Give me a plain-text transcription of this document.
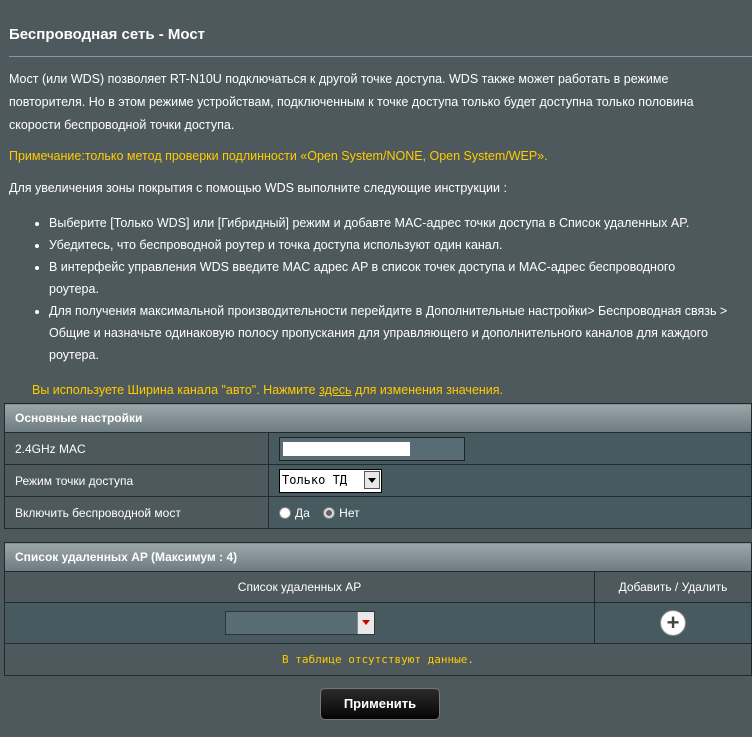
Беспроводная сеть - Мост
Мост (или WDS) позволяет RT-N10U подключаться к другой точке доступа. WDS также может работать в режиме
повторителя. Но в этом режиме устройствам, подключенным к точке доступа только будет доступна только половина
скорости беспроводной точки доступа.
Примечание:только метод проверки подлинности «Open System/NONE, Open System/WEP».
Для увеличения зоны покрытия с помощью WDS выполните следующие инструкции :
• Выберите [Только WDS] или [Гибридный] режим и добавте MAC-адрес точки доступа в Список удаленных AP.
• Убедитесь, что беспроводной роутер и точка доступа используют один канал.
• В интерфейс управления WDS введите MAC адрес AP в список точек доступа и MAC-адрес беспроводного
роутера.
• Для получения максимальной производительности перейдите в Дополнительные настройки> Беспроводная связь >
Общие и назначьте одинаковую полосу пропускания для управляющего и дополнительного каналов для каждого
роутера.
Вы используете Ширина канала "авто". Нажмите здесь для изменения значения.
Основные настройки	
2.4GHz MAC	

Режим точки доступа	Только ТД

Включить беспроводной мост	Да Нет
Список удаленных AP (Максимум : 4)	
Список удаленных AP	Добавить / Удалить

	+
В таблице отсутствуют данные.	
Применить
